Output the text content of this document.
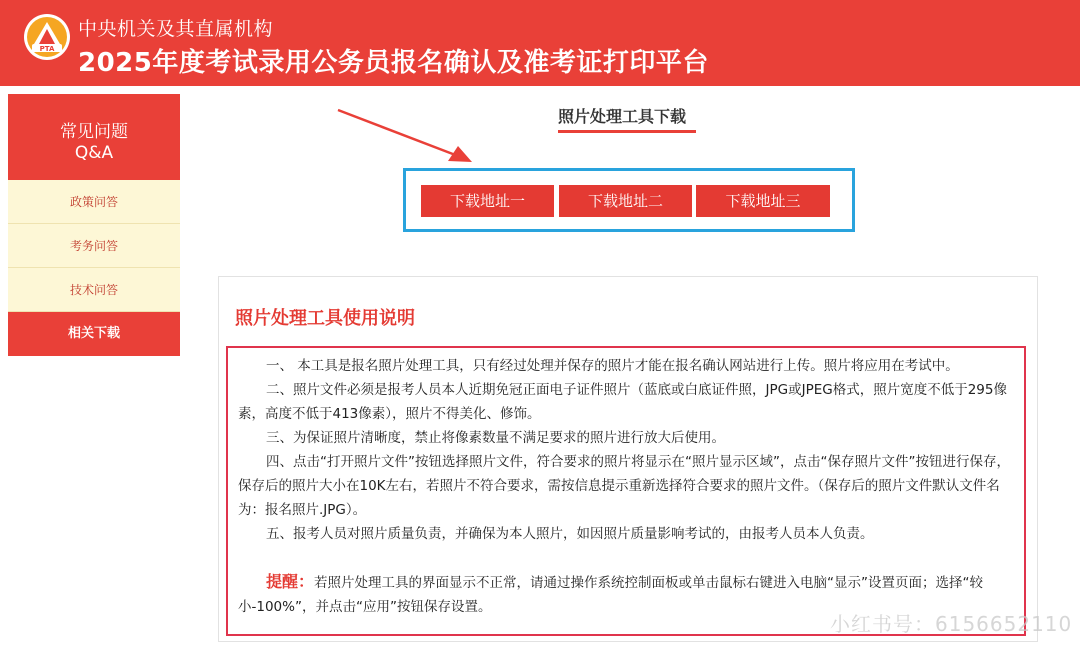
PTA
中央机关及其直属机构
2025年度考试录用公务员报名确认及准考证打印平台
常见问题
Q&A
政策问答
考务问答
技术问答
相关下载
照片处理工具下载
下载地址一	下载地址二	下载地址三
照片处理工具使用说明

一、 本工具是报名照片处理工具，只有经过处理并保存的照片才能在报名确认网站进行上传。照片将应用在考试中。

二、照片文件必须是报考人员本人近期免冠正面电子证件照片（蓝底或白底证件照，JPG或JPEG格式，照片宽度不低于295像素，高度不低于413像素），照片不得美化、修饰。

三、为保证照片清晰度，禁止将像素数量不满足要求的照片进行放大后使用。

四、点击“打开照片文件”按钮选择照片文件，符合要求的照片将显示在“照片显示区域”，点击“保存照片文件”按钮进行保存，保存后的照片大小在10K左右，若照片不符合要求，需按信息提示重新选择符合要求的照片文件。（保存后的照片文件默认文件名为：报名照片.JPG）。

五、报考人员对照片质量负责，并确保为本人照片，如因照片质量影响考试的，由报考人员本人负责。

提醒：若照片处理工具的界面显示不正常，请通过操作系统控制面板或单击鼠标右键进入电脑“显示”设置页面；选择“较小-100%”，并点击“应用”按钮保存设置。

小红书号：6156652110
